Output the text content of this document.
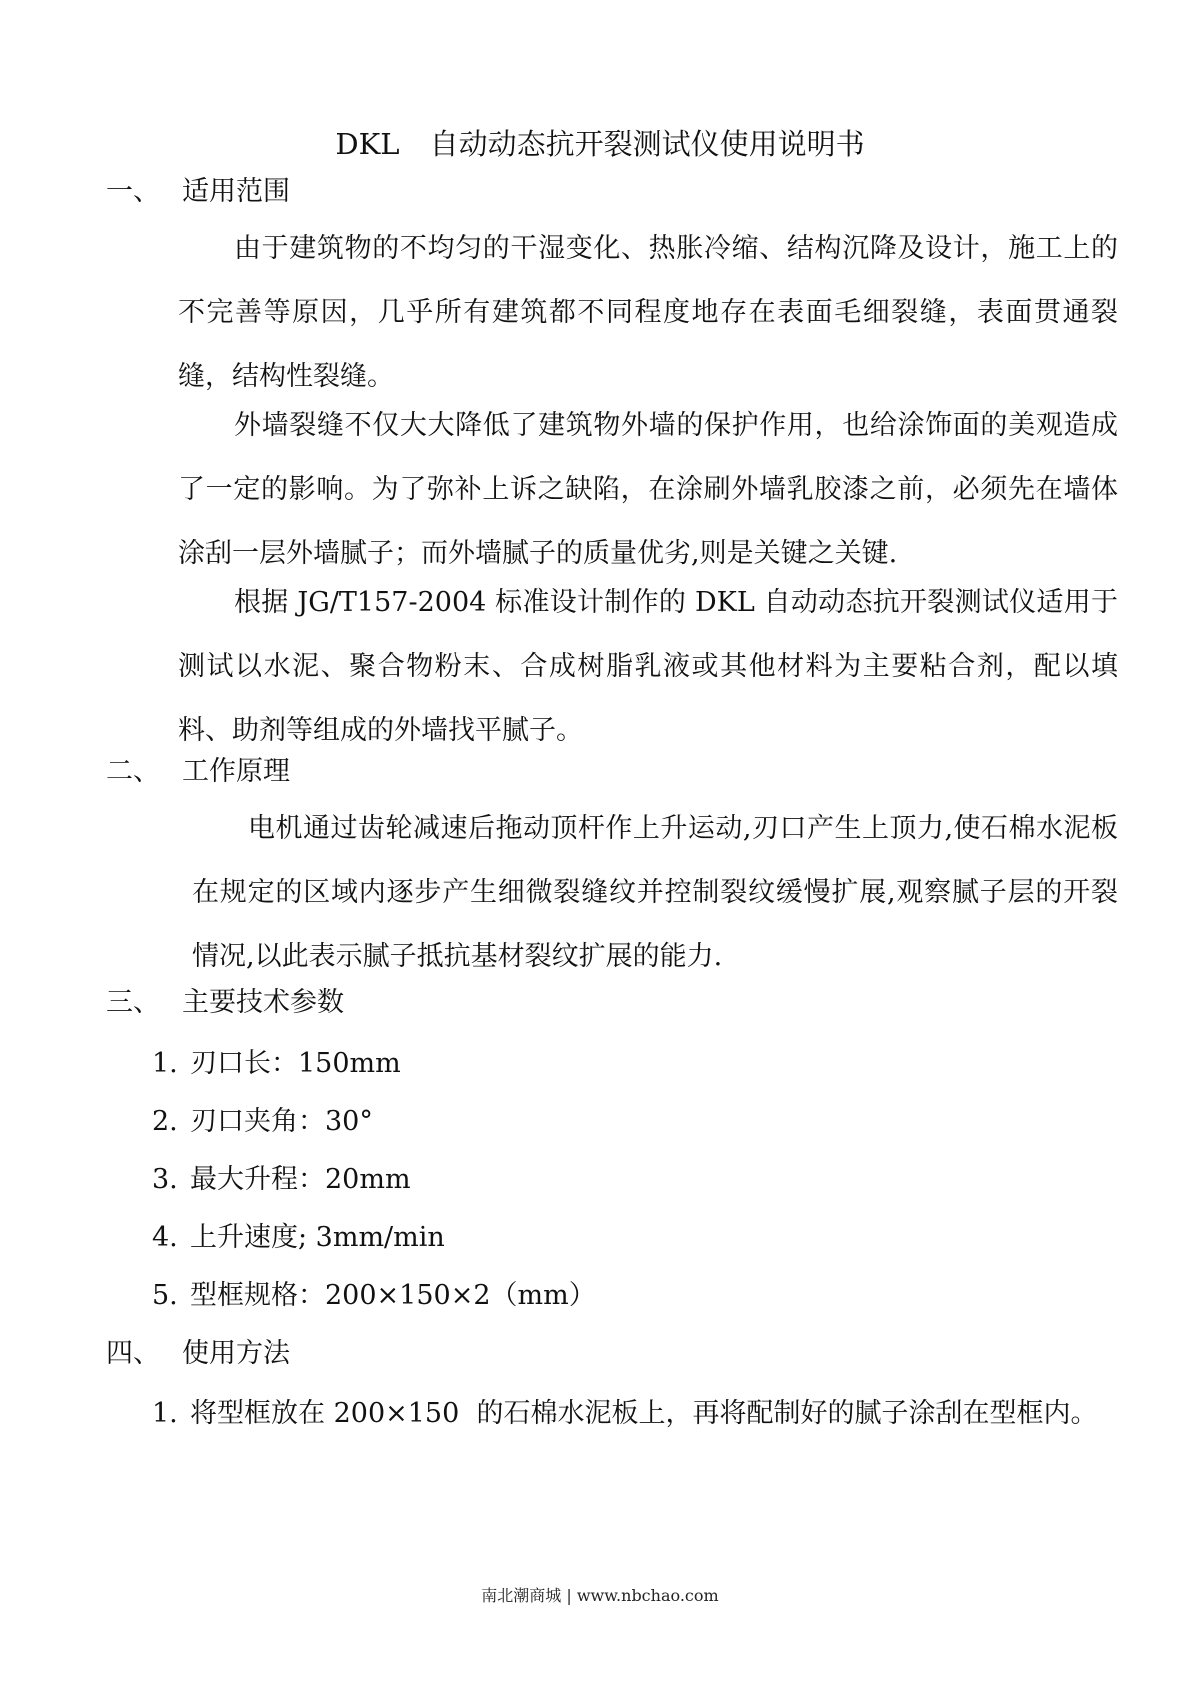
DKL 自动动态抗开裂测试仪使用说明书
一、 适用范围

由于建筑物的不均匀的干湿变化、热胀冷缩、结构沉降及设计，施工上的不完善等原因，几乎所有建筑都不同程度地存在表面毛细裂缝，表面贯通裂缝，结构性裂缝。

外墙裂缝不仅大大降低了建筑物外墙的保护作用，也给涂饰面的美观造成了一定的影响。为了弥补上诉之缺陷，在涂刷外墙乳胶漆之前，必须先在墙体涂刮一层外墙腻子；而外墙腻子的质量优劣,则是关键之关键.

根据 JG/T157-2004 标准设计制作的 DKL 自动动态抗开裂测试仪适用于测试以水泥、聚合物粉末、合成树脂乳液或其他材料为主要粘合剂，配以填料、助剂等组成的外墙找平腻子。

二、 工作原理

电机通过齿轮减速后拖动顶杆作上升运动,刃口产生上顶力,使石棉水泥板在规定的区域内逐步产生细微裂缝纹并控制裂纹缓慢扩展,观察腻子层的开裂情况,以此表示腻子抵抗基材裂纹扩展的能力.

三、 主要技术参数
1. 刃口长：150mm
2. 刃口夹角：30°
3. 最大升程：20mm
4. 上升速度; 3mm/min
5. 型框规格：200×150×2（mm）
四、 使用方法
1. 将型框放在 200×150  的石棉水泥板上，再将配制好的腻子涂刮在型框内。
南北潮商城 | www.nbchao.com
